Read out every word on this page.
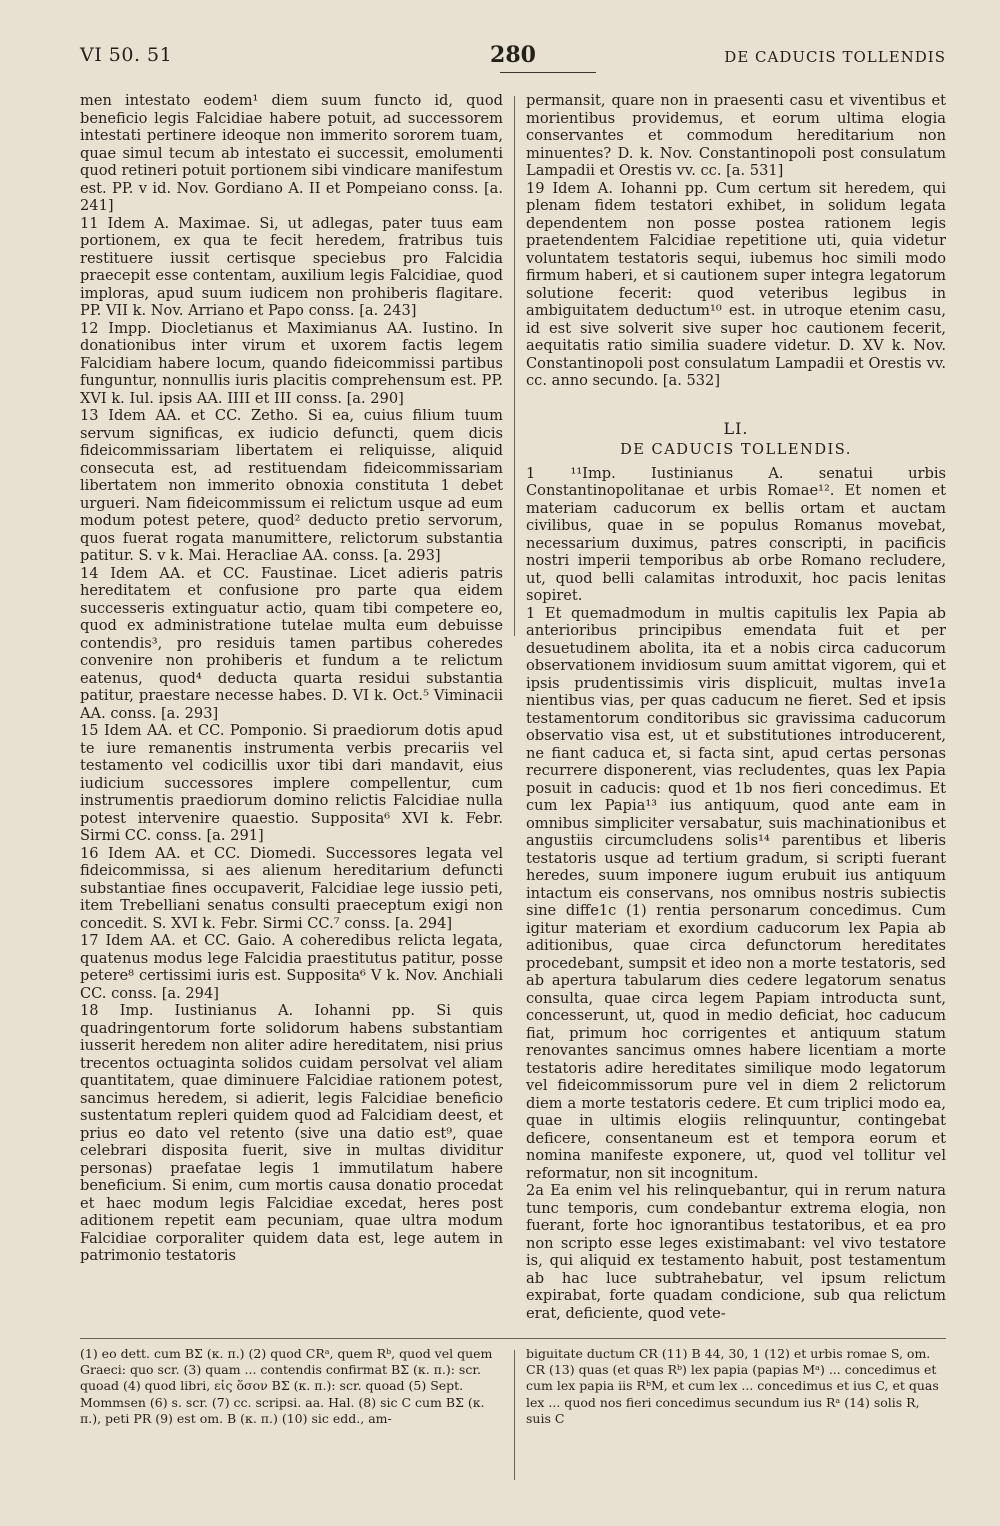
VI 50. 51	280	DE CADUCIS TOLLENDIS

men intestato eodem¹ diem suum functo id, quod beneficio legis Falcidiae habere potuit, ad successorem intestati pertinere ideoque non immerito sororem tuam, quae simul tecum ab intestato ei successit, emolumenti quod retineri potuit portionem sibi vindicare manifestum est. PP. v id. Nov. Gordiano A. II et Pompeiano conss. [a. 241]

11 Idem A. Maximae. Si, ut adlegas, pater tuus eam portionem, ex qua te fecit heredem, fratribus tuis restituere iussit certisque speciebus pro Falcidia praecepit esse contentam, auxilium legis Falcidiae, quod imploras, apud suum iudicem non prohiberis flagitare. PP. VII k. Nov. Arriano et Papo conss. [a. 243]

12 Impp. Diocletianus et Maximianus AA. Iustino. In donationibus inter virum et uxorem factis legem Falcidiam habere locum, quando fideicommissi partibus funguntur, nonnullis iuris placitis comprehensum est. PP. XVI k. Iul. ipsis AA. IIII et III conss. [a. 290]

13 Idem AA. et CC. Zetho. Si ea, cuius filium tuum servum significas, ex iudicio defuncti, quem dicis fideicommissariam libertatem ei reliquisse, aliquid consecuta est, ad restituendam fideicommissariam libertatem non immerito obnoxia constituta 1 debet urgueri. Nam fideicommissum ei relictum usque ad eum modum potest petere, quod² deducto pretio servorum, quos fuerat rogata manumittere, relictorum substantia patitur. S. v k. Mai. Heracliae AA. conss. [a. 293]

14 Idem AA. et CC. Faustinae. Licet adieris patris hereditatem et confusione pro parte qua eidem successeris extinguatur actio, quam tibi competere eo, quod ex administratione tutelae multa eum debuisse contendis³, pro residuis tamen partibus coheredes convenire non prohiberis et fundum a te relictum eatenus, quod⁴ deducta quarta residui substantia patitur, praestare necesse habes. D. VI k. Oct.⁵ Viminacii AA. conss. [a. 293]

15 Idem AA. et CC. Pomponio. Si praediorum dotis apud te iure remanentis instrumenta verbis precariis vel testamento vel codicillis uxor tibi dari mandavit, eius iudicium successores implere compellentur, cum instrumentis praediorum domino relictis Falcidiae nulla potest intervenire quaestio. Supposita⁶ XVI k. Febr. Sirmi CC. conss. [a. 291]

16 Idem AA. et CC. Diomedi. Successores legata vel fideicommissa, si aes alienum hereditarium defuncti substantiae fines occupaverit, Falcidiae lege iussio peti, item Trebelliani senatus consulti praeceptum exigi non concedit. S. XVI k. Febr. Sirmi CC.⁷ conss. [a. 294]

17 Idem AA. et CC. Gaio. A coheredibus relicta legata, quatenus modus lege Falcidia praestitutus patitur, posse petere⁸ certissimi iuris est. Supposita⁶ V k. Nov. Anchiali CC. conss. [a. 294]

18 Imp. Iustinianus A. Iohanni pp. Si quis quadringentorum forte solidorum habens substantiam iusserit heredem non aliter adire hereditatem, nisi prius trecentos octuaginta solidos cuidam persolvat vel aliam quantitatem, quae diminuere Falcidiae rationem potest, sancimus heredem, si adierit, legis Falcidiae beneficio sustentatum repleri quidem quod ad Falcidiam deest, et prius eo dato vel retento (sive una datio est⁹, quae celebrari disposita fuerit, sive in multas dividitur personas) praefatae legis 1 immutilatum habere beneficium. Si enim, cum mortis causa donatio procedat et haec modum legis Falcidiae excedat, heres post aditionem repetit eam pecuniam, quae ultra modum Falcidiae corporaliter quidem data est, lege autem in patrimonio testatoris

permansit, quare non in praesenti casu et viventibus et morientibus providemus, et eorum ultima elogia conservantes et commodum hereditarium non minuentes? D. k. Nov. Constantinopoli post consulatum Lampadii et Orestis vv. cc. [a. 531]

19 Idem A. Iohanni pp. Cum certum sit heredem, qui plenam fidem testatori exhibet, in solidum legata dependentem non posse postea rationem legis praetendentem Falcidiae repetitione uti, quia videtur voluntatem testatoris sequi, iubemus hoc simili modo firmum haberi, et si cautionem super integra legatorum solutione fecerit: quod veteribus legibus in ambiguitatem deductum¹⁰ est. in utroque etenim casu, id est sive solverit sive super hoc cautionem fecerit, aequitatis ratio similia suadere videtur. D. XV k. Nov. Constantinopoli post consulatum Lampadii et Orestis vv. cc. anno secundo. [a. 532]

LI.
DE CADUCIS TOLLENDIS.

1 ¹¹Imp. Iustinianus A. senatui urbis Constantinopolitanae et urbis Romae¹². Et nomen et materiam caducorum ex bellis ortam et auctam civilibus, quae in se populus Romanus movebat, necessarium duximus, patres conscripti, in pacificis nostri imperii temporibus ab orbe Romano recludere, ut, quod belli calamitas introduxit, hoc pacis lenitas sopiret.

1 Et quemadmodum in multis capitulis lex Papia ab anterioribus principibus emendata fuit et per desuetudinem abolita, ita et a nobis circa caducorum observationem invidiosum suum amittat vigorem, qui et ipsis prudentissimis viris displicuit, multas inve1a nientibus vias, per quas caducum ne fieret. Sed et ipsis testamentorum conditoribus sic gravissima caducorum observatio visa est, ut et substitutiones introducerent, ne fiant caduca et, si facta sint, apud certas personas recurrere disponerent, vias recludentes, quas lex Papia posuit in caducis: quod et 1b nos fieri concedimus. Et cum lex Papia¹³ ius antiquum, quod ante eam in omnibus simpliciter versabatur, suis machinationibus et angustiis circumcludens solis¹⁴ parentibus et liberis testatoris usque ad tertium gradum, si scripti fuerant heredes, suum imponere iugum erubuit ius antiquum intactum eis conservans, nos omnibus nostris subiectis sine diffe1c (1) rentia personarum concedimus. Cum igitur materiam et exordium caducorum lex Papia ab aditionibus, quae circa defunctorum hereditates procedebant, sumpsit et ideo non a morte testatoris, sed ab apertura tabularum dies cedere legatorum senatus consulta, quae circa legem Papiam introducta sunt, concesserunt, ut, quod in medio deficiat, hoc caducum fiat, primum hoc corrigentes et antiquum statum renovantes sancimus omnes habere licentiam a morte testatoris adire hereditates similique modo legatorum vel fideicommissorum pure vel in diem 2 relictorum diem a morte testatoris cedere. Et cum triplici modo ea, quae in ultimis elogiis relinquuntur, contingebat deficere, consentaneum est et tempora eorum et nomina manifeste exponere, ut, quod vel tollitur vel reformatur, non sit incognitum.

2a Ea enim vel his relinquebantur, qui in rerum natura tunc temporis, cum condebantur extrema elogia, non fuerant, forte hoc ignorantibus testatoribus, et ea pro non scripto esse leges existimabant: vel vivo testatore is, qui aliquid ex testamento habuit, post testamentum ab hac luce subtrahebatur, vel ipsum relictum expirabat, forte quadam condicione, sub qua relictum erat, deficiente, quod vete-

(1) eo dett. cum BΣ (κ. π.) (2) quod CRᵃ, quem Rᵇ, quod vel quem Graeci: quo scr. (3) quam ... contendis confirmat BΣ (κ. π.): scr. quoad (4) quod libri, εἰς ὅσον BΣ (κ. π.): scr. quoad (5) Sept. Mommsen (6) s. scr. (7) cc. scripsi. aa. Hal. (8) sic C cum BΣ (κ. π.), peti PR (9) est om. B (κ. π.) (10) sic edd., am-
biguitate ductum CR (11) B 44, 30, 1 (12) et urbis romae S, om. CR (13) quas (et quas Rᵇ) lex papia (papias Mᵃ) ... concedimus et cum lex papia iis RᵇM, et cum lex ... concedimus et ius C, et quas lex ... quod nos fieri concedimus secundum ius Rᵃ (14) solis R, suis C
